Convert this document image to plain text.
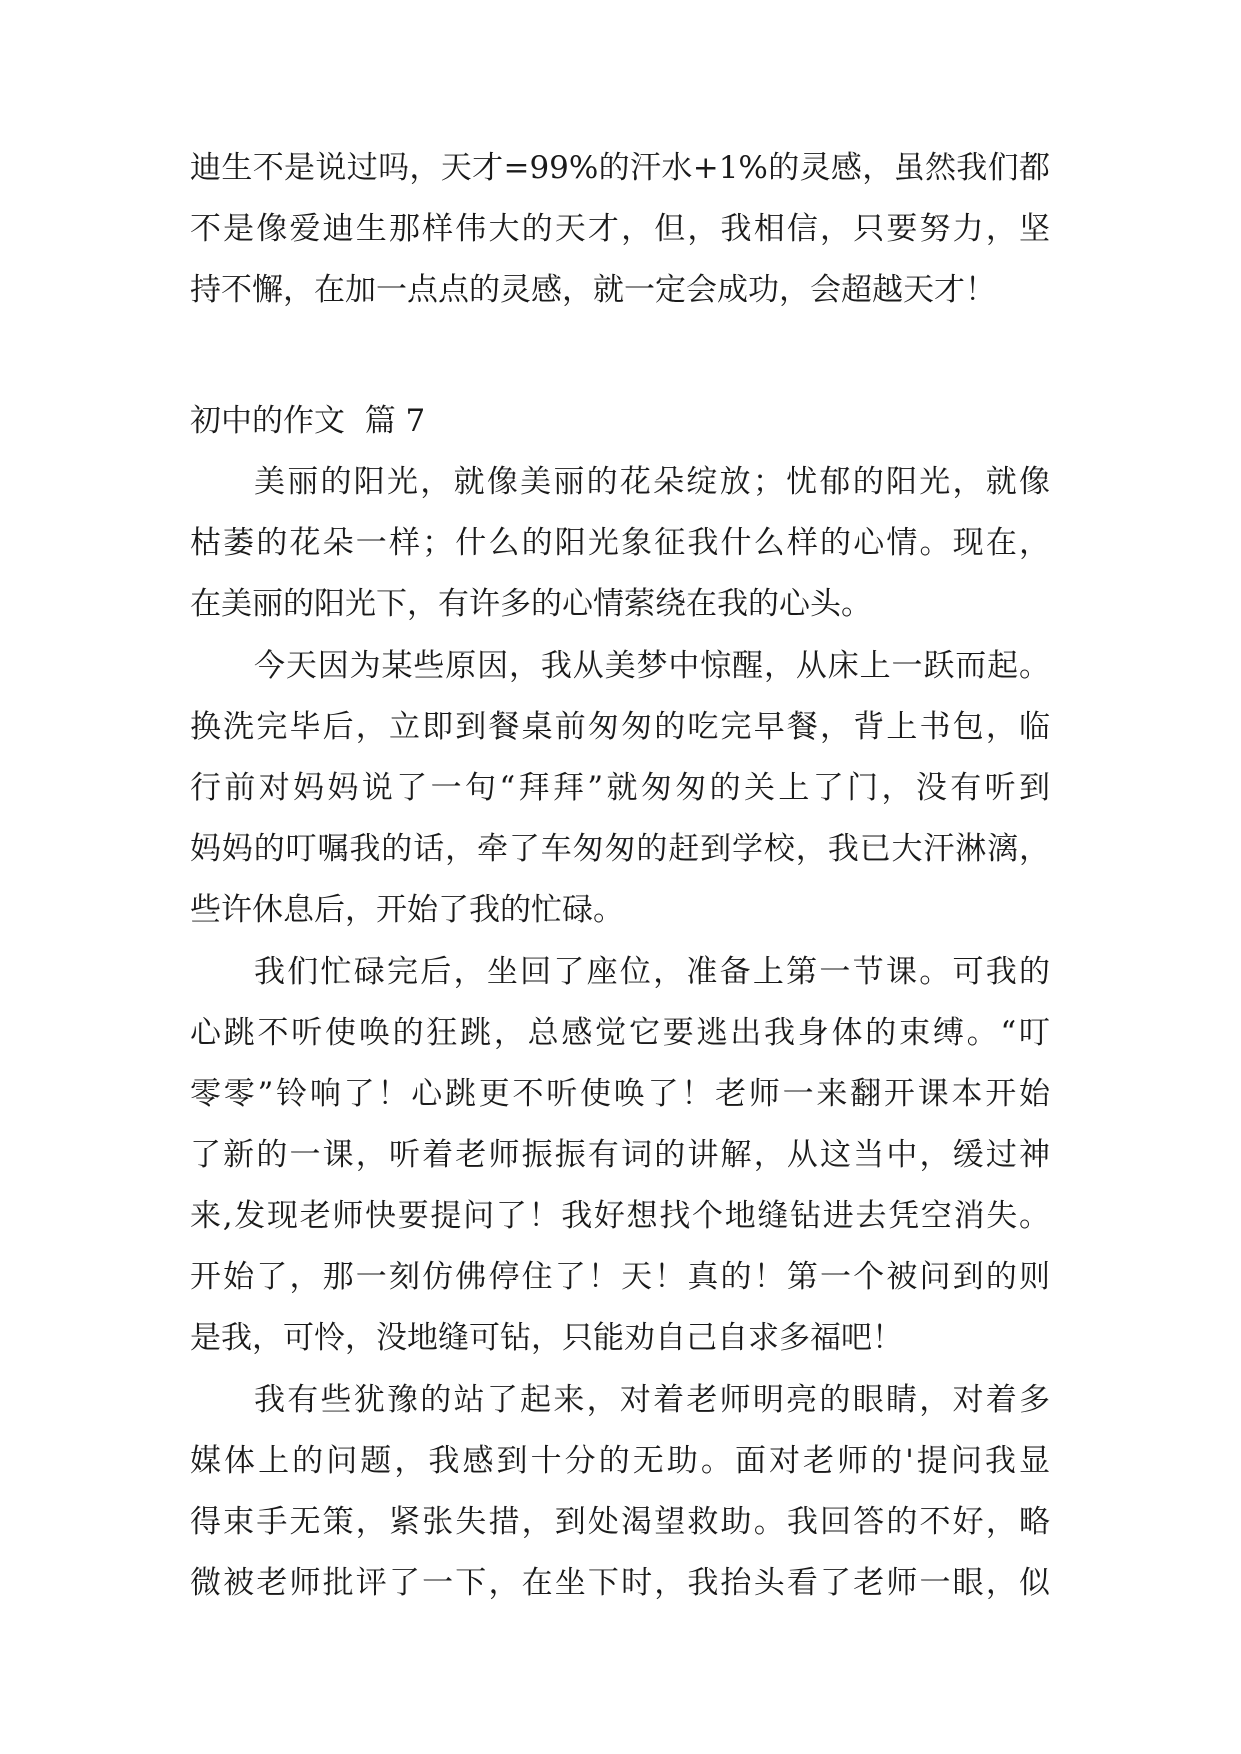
迪生不是说过吗，天才=99%的汗水+1%的灵感，虽然我们都
不是像爱迪生那样伟大的天才，但，我相信，只要努力，坚
持不懈，在加一点点的灵感，就一定会成功，会超越天才！
初中的作文  篇 7
美丽的阳光，就像美丽的花朵绽放；忧郁的阳光，就像
枯萎的花朵一样；什么的阳光象征我什么样的心情。现在，
在美丽的阳光下，有许多的心情萦绕在我的心头。
今天因为某些原因，我从美梦中惊醒，从床上一跃而起。
换洗完毕后，立即到餐桌前匆匆的吃完早餐，背上书包，临
行前对妈妈说了一句“拜拜”就匆匆的关上了门，没有听到
妈妈的叮嘱我的话，牵了车匆匆的赶到学校，我已大汗淋漓，
些许休息后，开始了我的忙碌。
我们忙碌完后，坐回了座位，准备上第一节课。可我的
心跳不听使唤的狂跳，总感觉它要逃出我身体的束缚。“叮
零零”铃响了！心跳更不听使唤了！老师一来翻开课本开始
了新的一课，听着老师振振有词的讲解，从这当中，缓过神
来,发现老师快要提问了！我好想找个地缝钻进去凭空消失。
开始了，那一刻仿佛停住了！天！真的！第一个被问到的则
是我，可怜，没地缝可钻，只能劝自己自求多福吧！
我有些犹豫的站了起来，对着老师明亮的眼睛，对着多
媒体上的问题，我感到十分的无助。面对老师的'提问我显
得束手无策，紧张失措，到处渴望救助。我回答的不好，略
微被老师批评了一下，在坐下时，我抬头看了老师一眼，似
